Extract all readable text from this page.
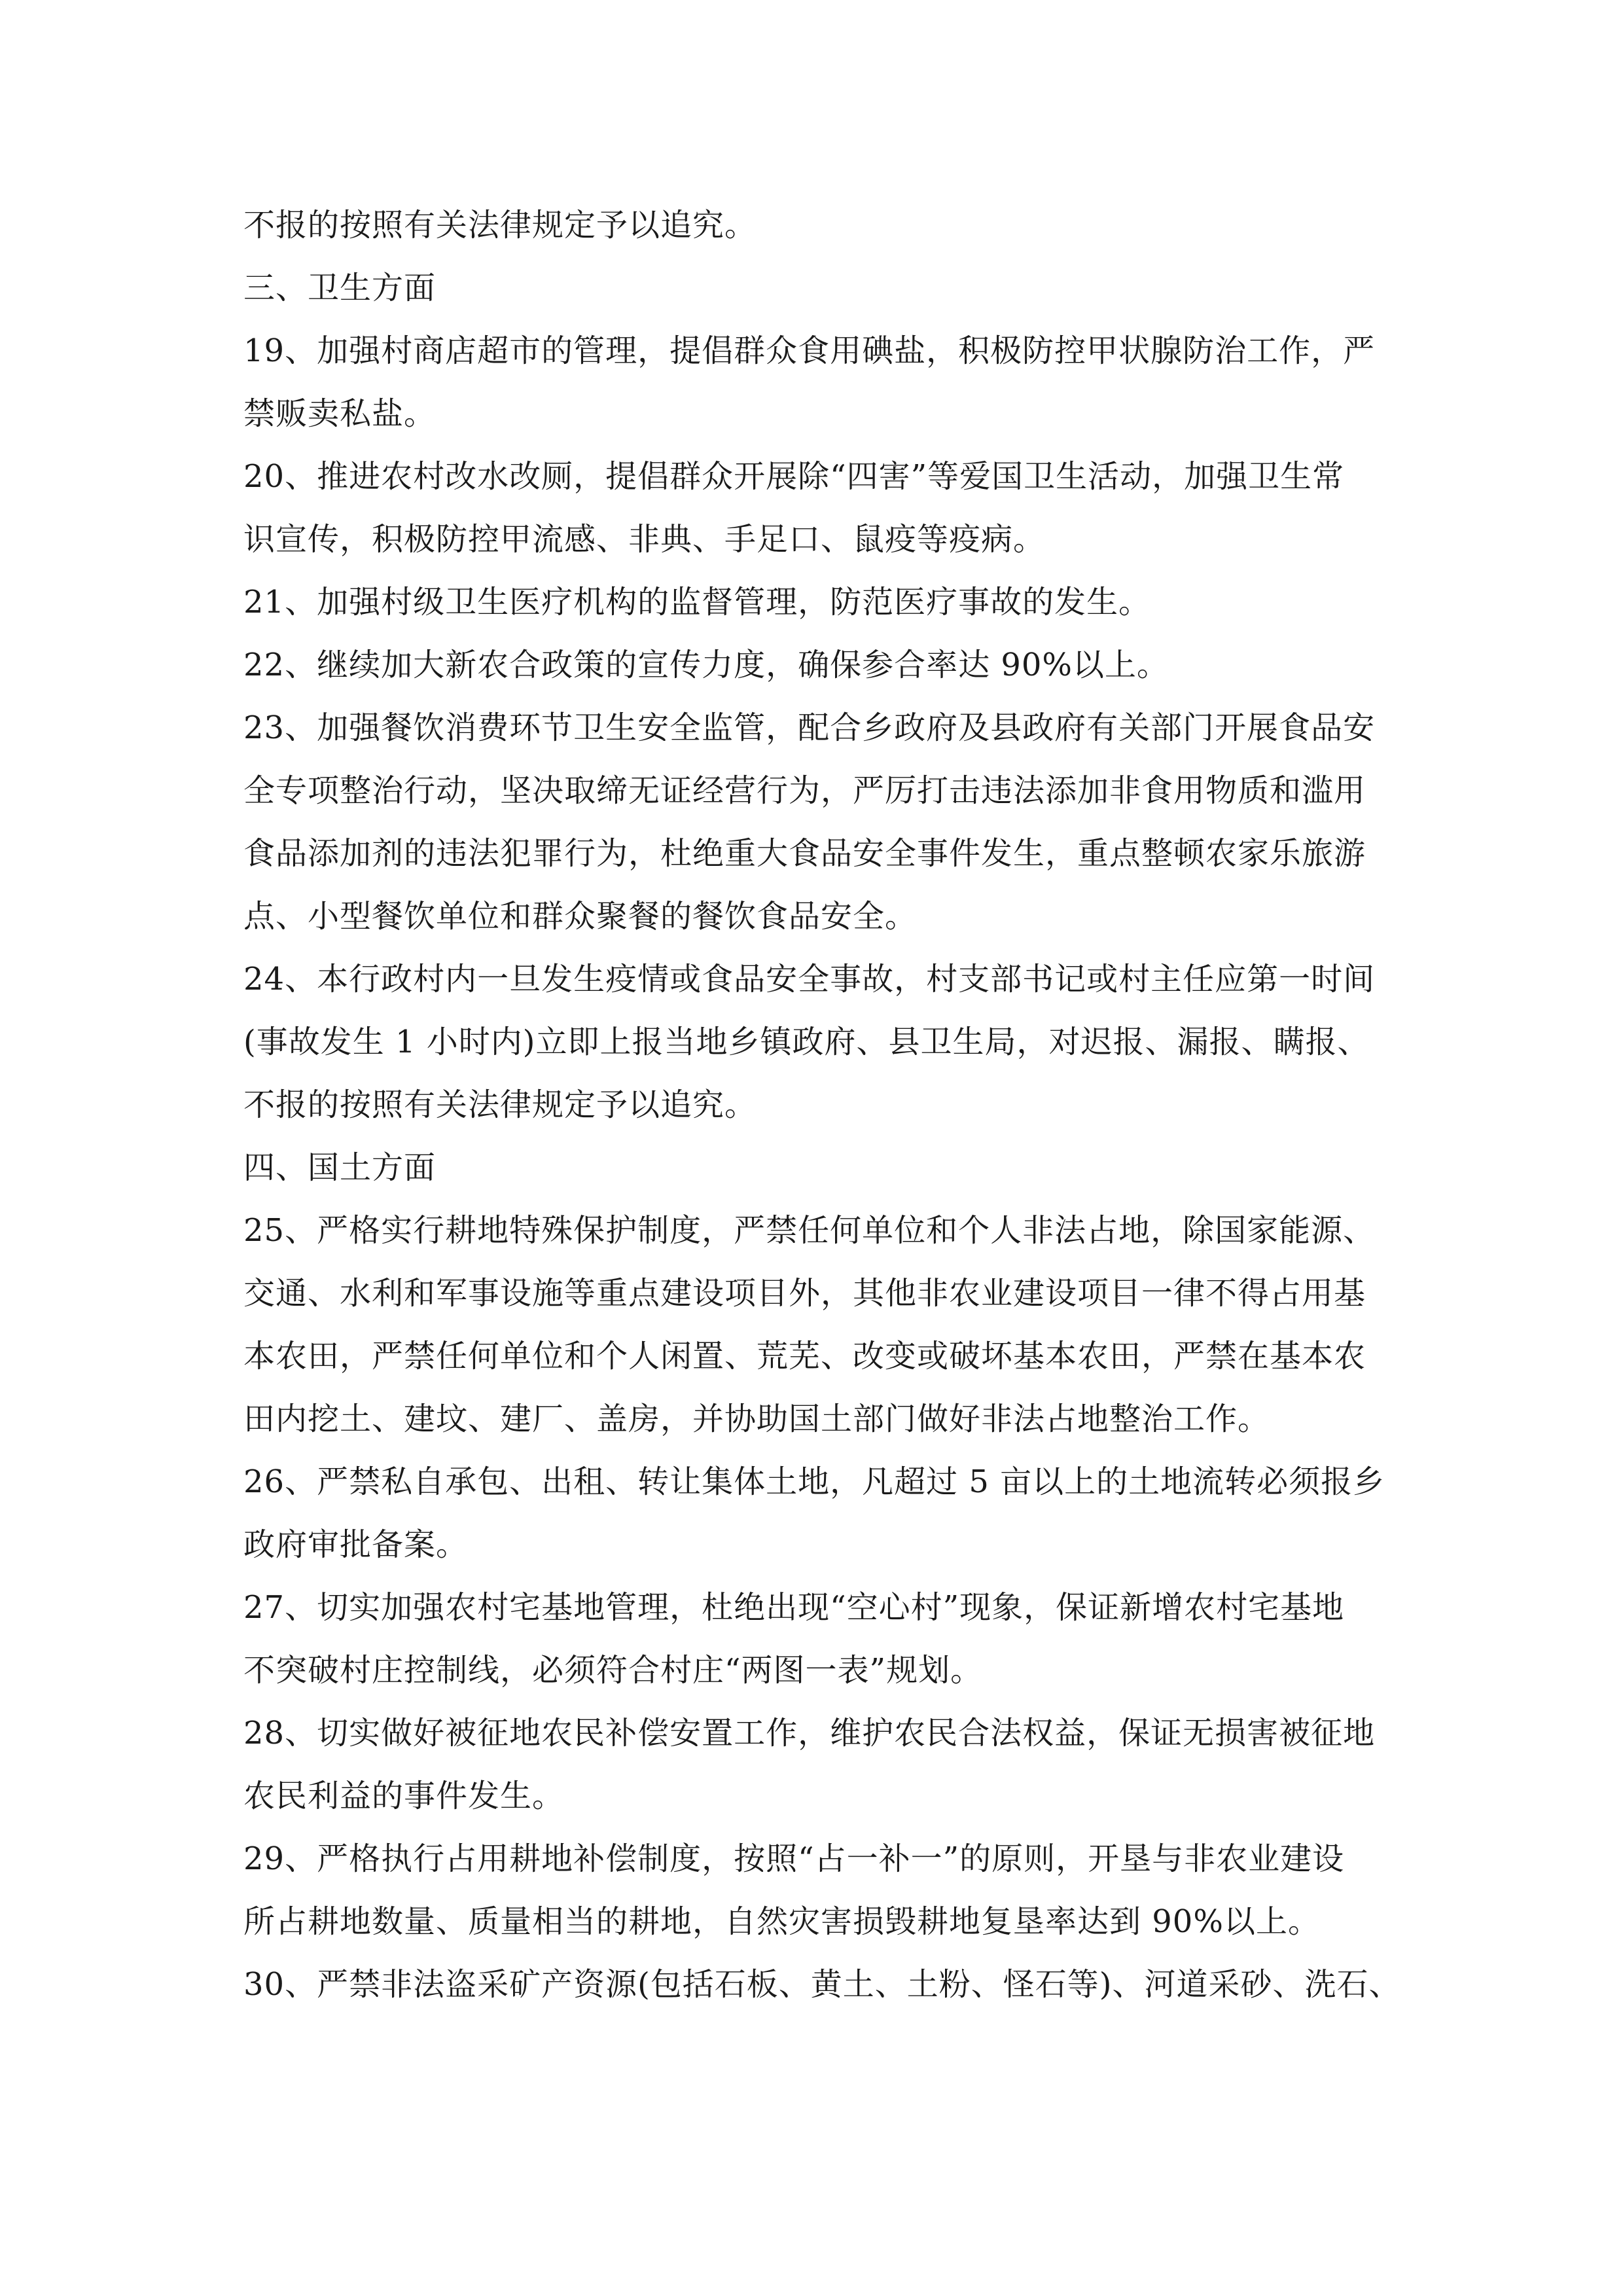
不报的按照有关法律规定予以追究。
三、卫生方面
19、加强村商店超市的管理，提倡群众食用碘盐，积极防控甲状腺防治工作，严
禁贩卖私盐。
20、推进农村改水改厕，提倡群众开展除“四害”等爱国卫生活动，加强卫生常
识宣传，积极防控甲流感、非典、手足口、鼠疫等疫病。
21、加强村级卫生医疗机构的监督管理，防范医疗事故的发生。
22、继续加大新农合政策的宣传力度，确保参合率达 90%以上。
23、加强餐饮消费环节卫生安全监管，配合乡政府及县政府有关部门开展食品安
全专项整治行动，坚决取缔无证经营行为，严厉打击违法添加非食用物质和滥用
食品添加剂的违法犯罪行为，杜绝重大食品安全事件发生，重点整顿农家乐旅游
点、小型餐饮单位和群众聚餐的餐饮食品安全。
24、本行政村内一旦发生疫情或食品安全事故，村支部书记或村主任应第一时间
(事故发生 1 小时内)立即上报当地乡镇政府、县卫生局，对迟报、漏报、瞒报、
不报的按照有关法律规定予以追究。
四、国土方面
25、严格实行耕地特殊保护制度，严禁任何单位和个人非法占地，除国家能源、
交通、水利和军事设施等重点建设项目外，其他非农业建设项目一律不得占用基
本农田，严禁任何单位和个人闲置、荒芜、改变或破坏基本农田，严禁在基本农
田内挖土、建坟、建厂、盖房，并协助国土部门做好非法占地整治工作。
26、严禁私自承包、出租、转让集体土地，凡超过 5 亩以上的土地流转必须报乡
政府审批备案。
27、切实加强农村宅基地管理，杜绝出现“空心村”现象，保证新增农村宅基地
不突破村庄控制线，必须符合村庄“两图一表”规划。
28、切实做好被征地农民补偿安置工作，维护农民合法权益，保证无损害被征地
农民利益的事件发生。
29、严格执行占用耕地补偿制度，按照“占一补一”的原则，开垦与非农业建设
所占耕地数量、质量相当的耕地，自然灾害损毁耕地复垦率达到 90%以上。
30、严禁非法盗采矿产资源(包括石板、黄土、土粉、怪石等)、河道采砂、洗石、
